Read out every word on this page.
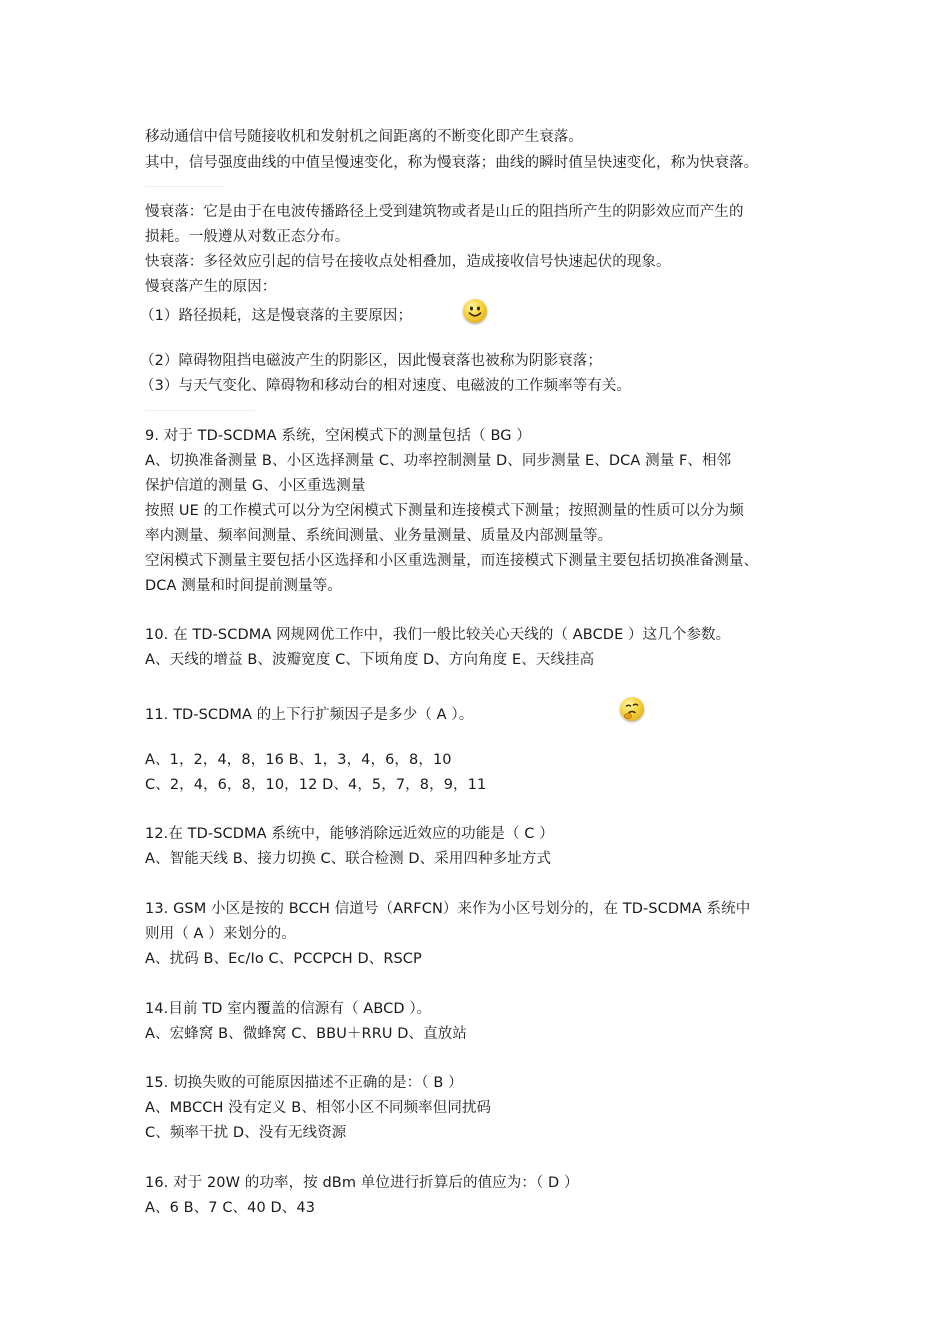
移动通信中信号随接收机和发射机之间距离的不断变化即产生衰落。
其中，信号强度曲线的中值呈慢速变化，称为慢衰落；曲线的瞬时值呈快速变化，称为快衰落。
慢衰落：它是由于在电波传播路径上受到建筑物或者是山丘的阻挡所产生的阴影效应而产生的
损耗。一般遵从对数正态分布。
快衰落：多径效应引起的信号在接收点处相叠加，造成接收信号快速起伏的现象。
慢衰落产生的原因：
（1）路径损耗，这是慢衰落的主要原因；
（2）障碍物阻挡电磁波产生的阴影区，因此慢衰落也被称为阴影衰落；
（3）与天气变化、障碍物和移动台的相对速度、电磁波的工作频率等有关。
9. 对于 TD-SCDMA 系统，空闲模式下的测量包括（ BG ）
A、切换准备测量 B、小区选择测量 C、功率控制测量 D、同步测量 E、DCA 测量 F、相邻
保护信道的测量 G、小区重选测量
按照 UE 的工作模式可以分为空闲模式下测量和连接模式下测量；按照测量的性质可以分为频
率内测量、频率间测量、系统间测量、业务量测量、质量及内部测量等。
空闲模式下测量主要包括小区选择和小区重选测量，而连接模式下测量主要包括切换准备测量、
DCA 测量和时间提前测量等。
10. 在 TD-SCDMA 网规网优工作中，我们一般比较关心天线的（ ABCDE ）这几个参数。
A、天线的增益 B、波瓣宽度 C、下顷角度 D、方向角度 E、天线挂高
11. TD-SCDMA 的上下行扩频因子是多少（ A ）。
A、1，2，4，8，16 B、1，3，4，6，8，10
C、2，4，6，8，10，12 D、4，5，7，8，9，11
12.在 TD-SCDMA 系统中，能够消除远近效应的功能是（ C ）
A、智能天线 B、接力切换 C、联合检测 D、采用四种多址方式
13. GSM 小区是按的 BCCH 信道号（ARFCN）来作为小区号划分的，在 TD-SCDMA 系统中
则用（ A ）来划分的。
A、扰码 B、Ec/Io C、PCCPCH D、RSCP
14.目前 TD 室内覆盖的信源有（ ABCD ）。
A、宏蜂窝 B、微蜂窝 C、BBU＋RRU D、直放站
15. 切换失败的可能原因描述不正确的是：（ B ）
A、MBCCH 没有定义 B、相邻小区不同频率但同扰码
C、频率干扰 D、没有无线资源
16. 对于 20W 的功率，按 dBm 单位进行折算后的值应为：（ D ）
A、6 B、7 C、40 D、43
